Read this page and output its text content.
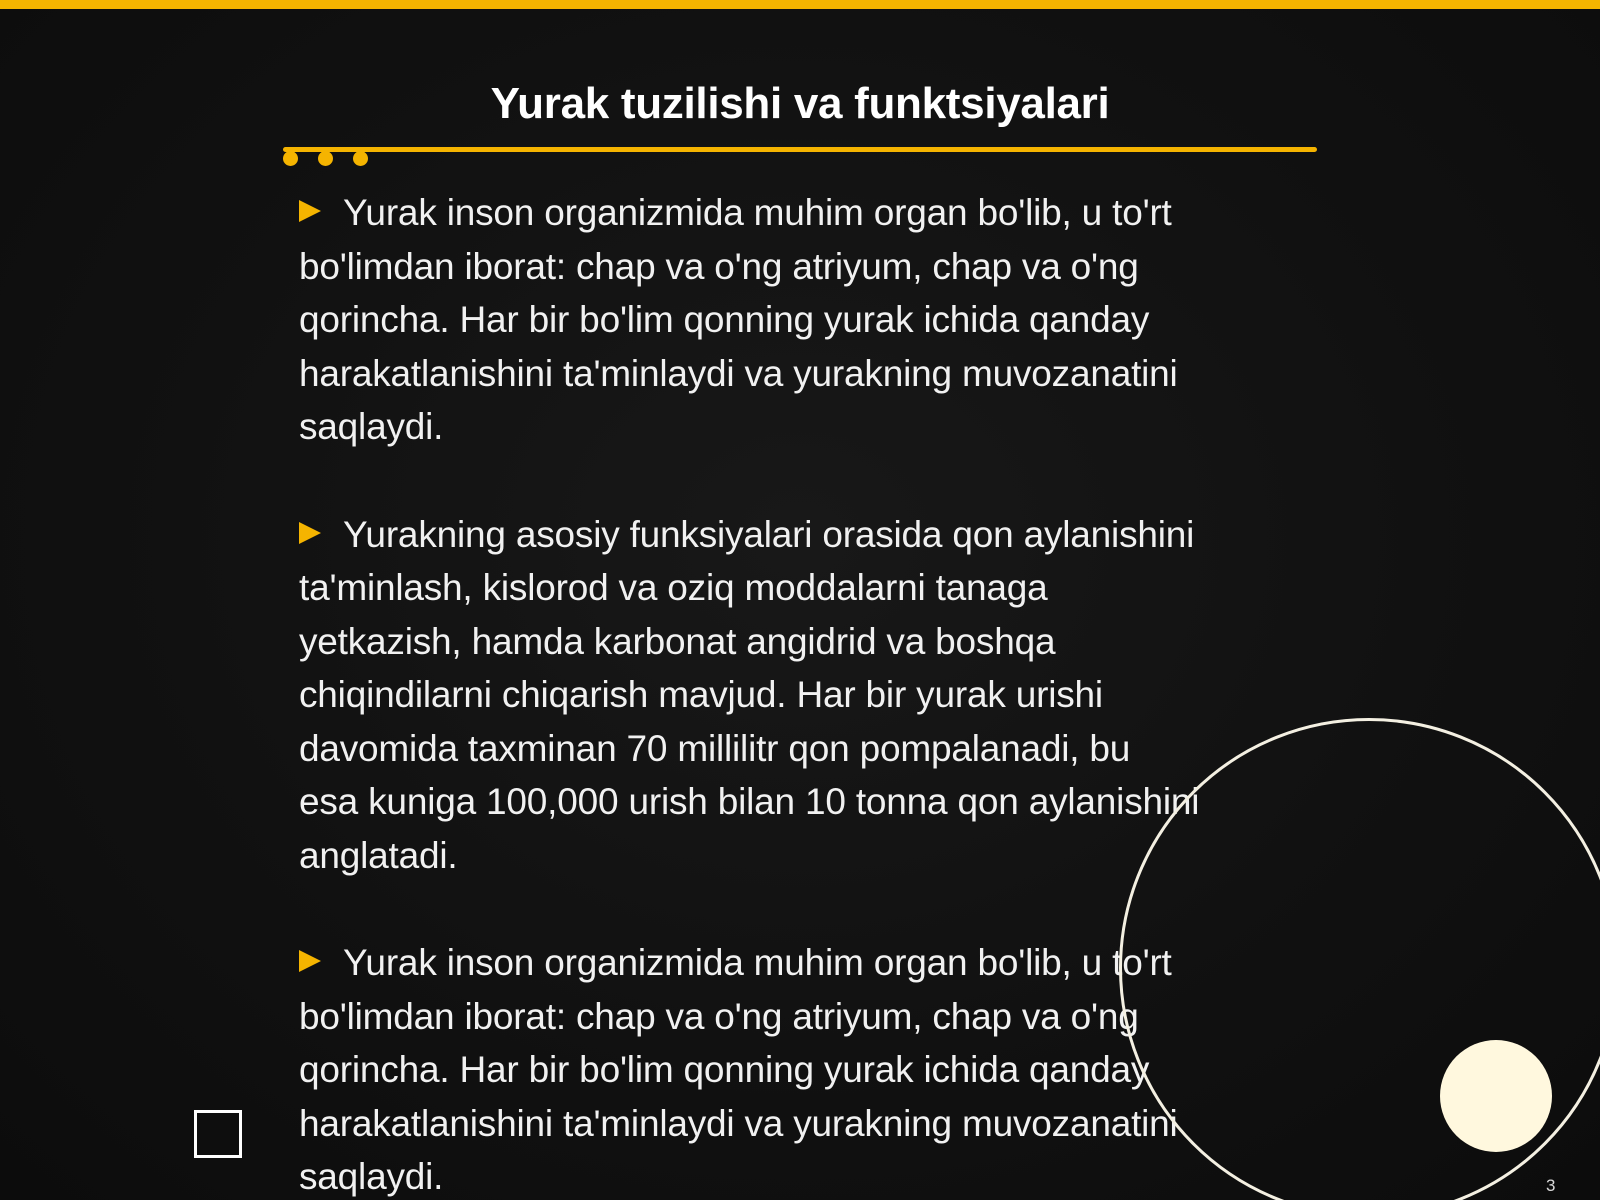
Yurak tuzilishi va funktsiyalari

Yurak inson organizmida muhim organ bo'lib, u to'rt
bo'limdan iborat: chap va o'ng atriyum, chap va o'ng
qorincha. Har bir bo'lim qonning yurak ichida qanday
harakatlanishini ta'minlaydi va yurakning muvozanatini
saqlaydi.

Yurakning asosiy funksiyalari orasida qon aylanishini
ta'minlash, kislorod va oziq moddalarni tanaga
yetkazish, hamda karbonat angidrid va boshqa
chiqindilarni chiqarish mavjud. Har bir yurak urishi
davomida taxminan 70 millilitr qon pompalanadi, bu
esa kuniga 100,000 urish bilan 10 tonna qon aylanishini
anglatadi.

Yurak inson organizmida muhim organ bo'lib, u to'rt
bo'limdan iborat: chap va o'ng atriyum, chap va o'ng
qorincha. Har bir bo'lim qonning yurak ichida qanday
harakatlanishini ta'minlaydi va yurakning muvozanatini
saqlaydi.	3
